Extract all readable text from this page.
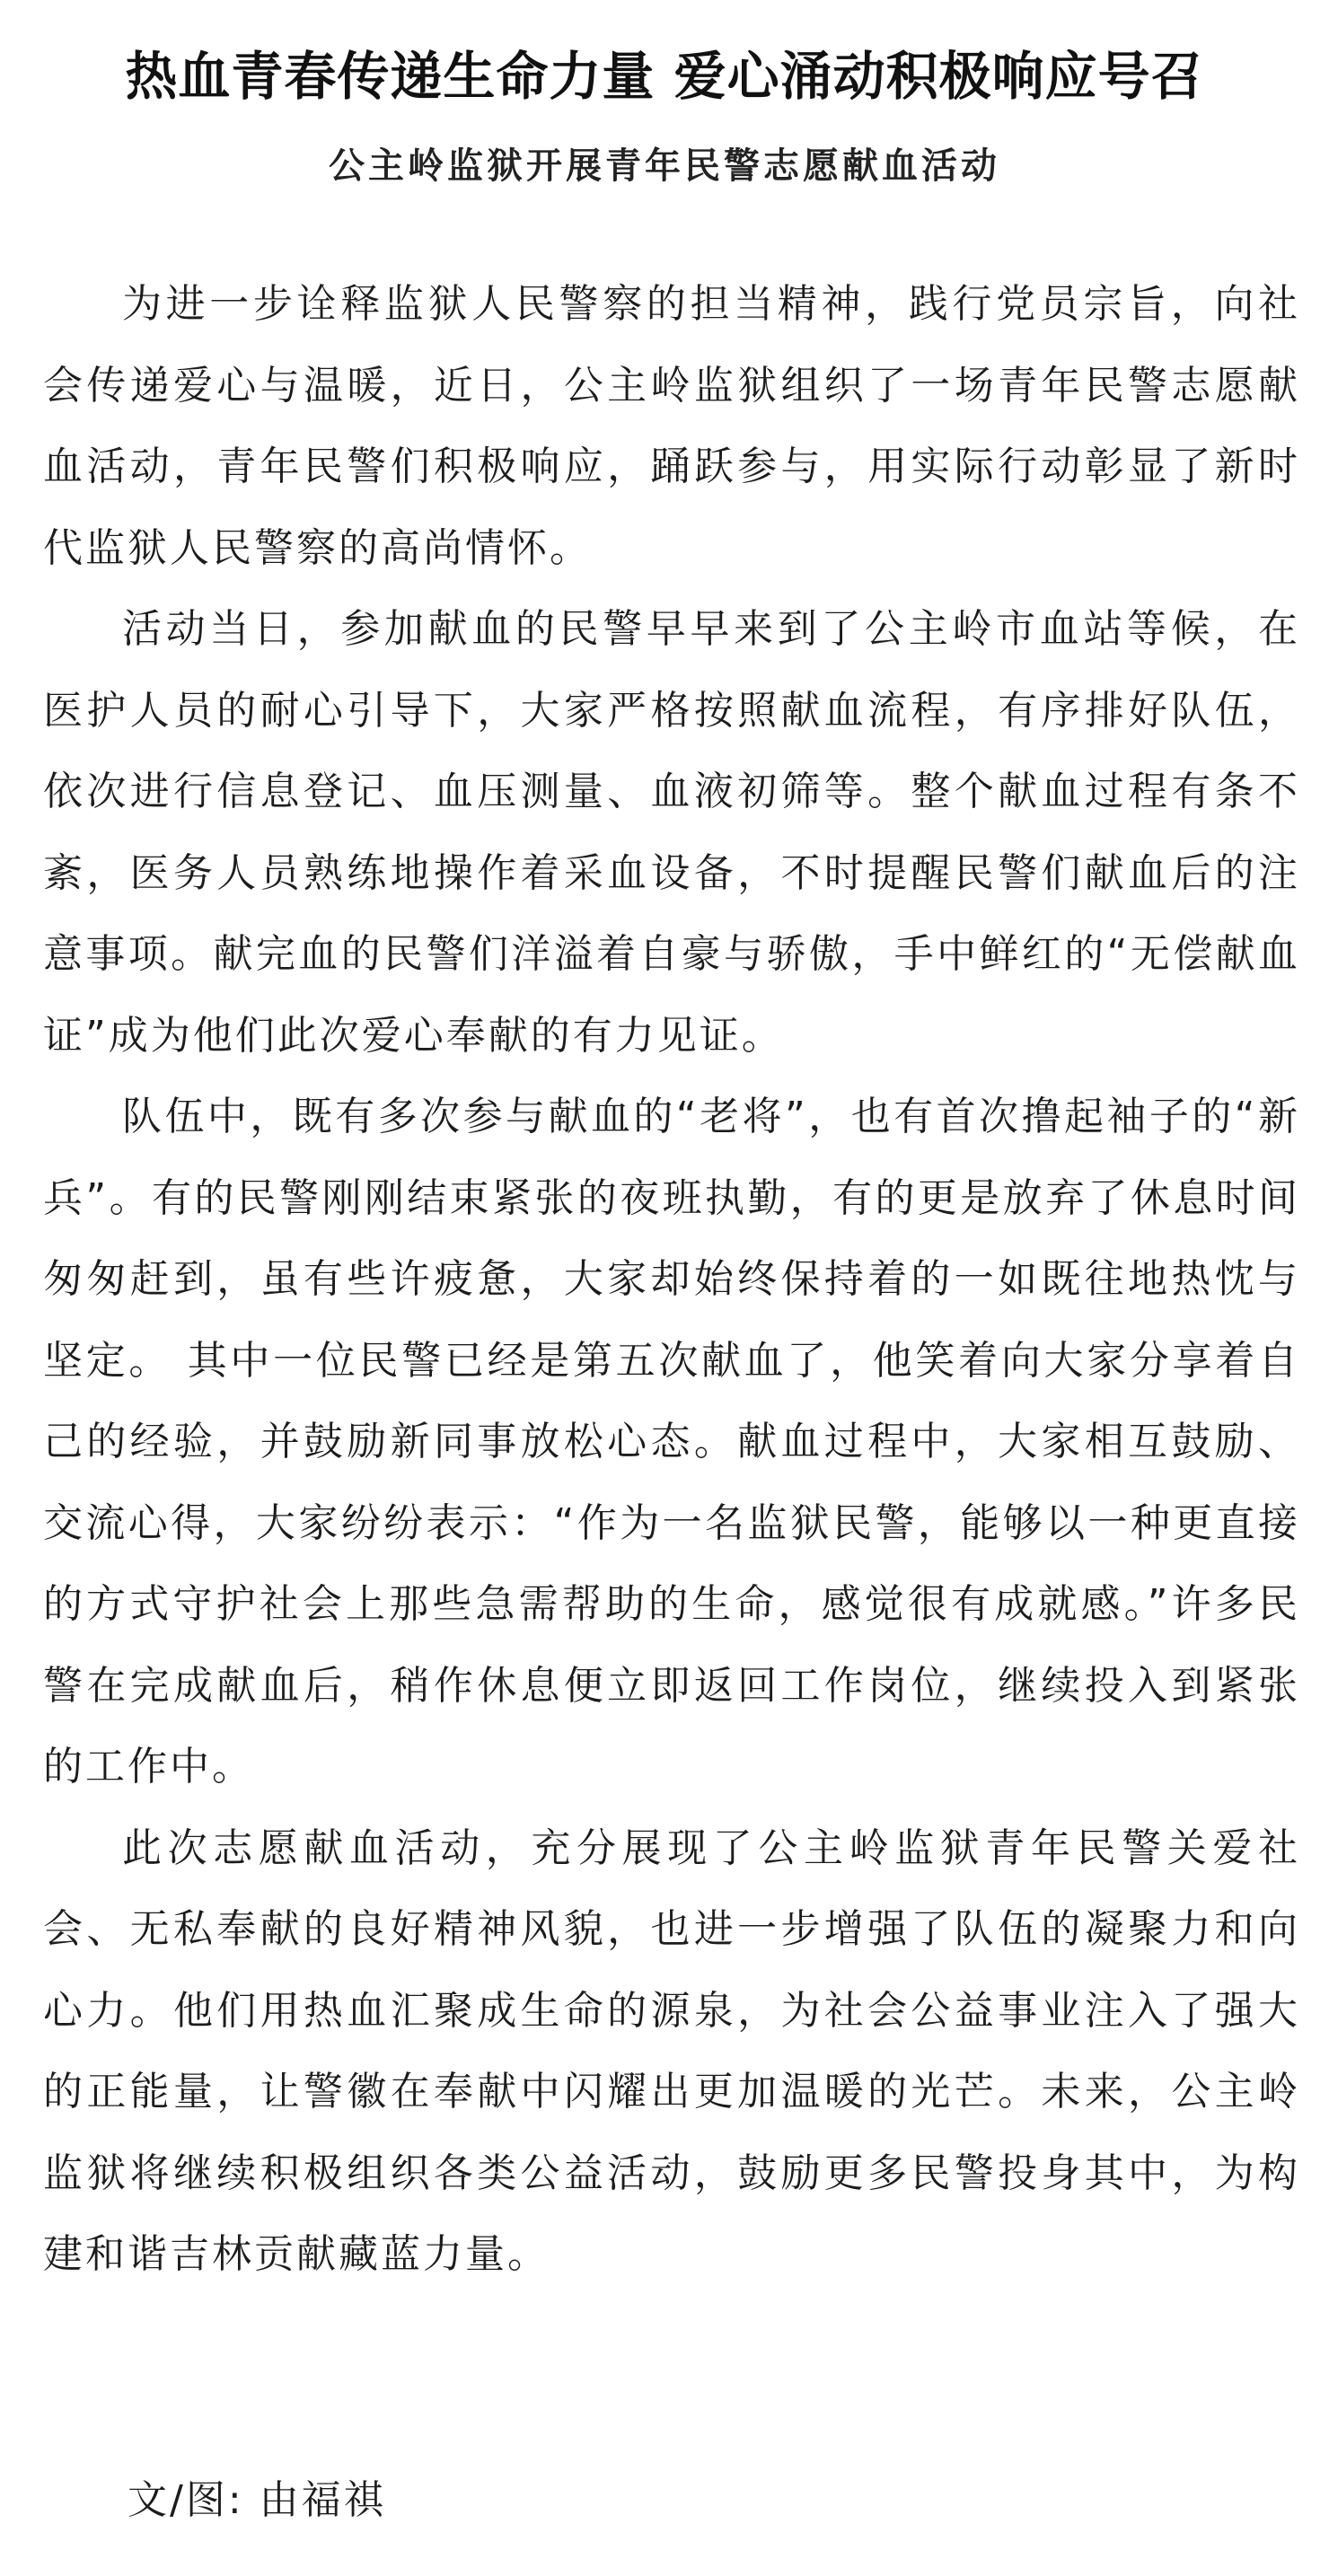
热血青春传递生命力量 爱心涌动积极响应号召
公主岭监狱开展青年民警志愿献血活动

为进一步诠释监狱人民警察的担当精神，践行党员宗旨，向社会传递爱心与温暖，近日，公主岭监狱组织了一场青年民警志愿献血活动，青年民警们积极响应，踊跃参与，用实际行动彰显了新时代监狱人民警察的高尚情怀。

活动当日，参加献血的民警早早来到了公主岭市血站等候，在医护人员的耐心引导下，大家严格按照献血流程，有序排好队伍，依次进行信息登记、血压测量、血液初筛等。整个献血过程有条不紊，医务人员熟练地操作着采血设备，不时提醒民警们献血后的注意事项。献完血的民警们洋溢着自豪与骄傲，手中鲜红的“无偿献血证”成为他们此次爱心奉献的有力见证。

队伍中，既有多次参与献血的“老将”，也有首次撸起袖子的“新兵”。有的民警刚刚结束紧张的夜班执勤，有的更是放弃了休息时间匆匆赶到，虽有些许疲惫，大家却始终保持着的一如既往地热忱与坚定。 其中一位民警已经是第五次献血了，他笑着向大家分享着自己的经验，并鼓励新同事放松心态。献血过程中，大家相互鼓励、交流心得，大家纷纷表示：“作为一名监狱民警，能够以一种更直接的方式守护社会上那些急需帮助的生命，感觉很有成就感。”许多民警在完成献血后，稍作休息便立即返回工作岗位，继续投入到紧张的工作中。

此次志愿献血活动，充分展现了公主岭监狱青年民警关爱社会、无私奉献的良好精神风貌，也进一步增强了队伍的凝聚力和向心力。他们用热血汇聚成生命的源泉，为社会公益事业注入了强大的正能量，让警徽在奉献中闪耀出更加温暖的光芒。未来，公主岭监狱将继续积极组织各类公益活动，鼓励更多民警投身其中，为构建和谐吉林贡献藏蓝力量。

文/图: 由福祺
